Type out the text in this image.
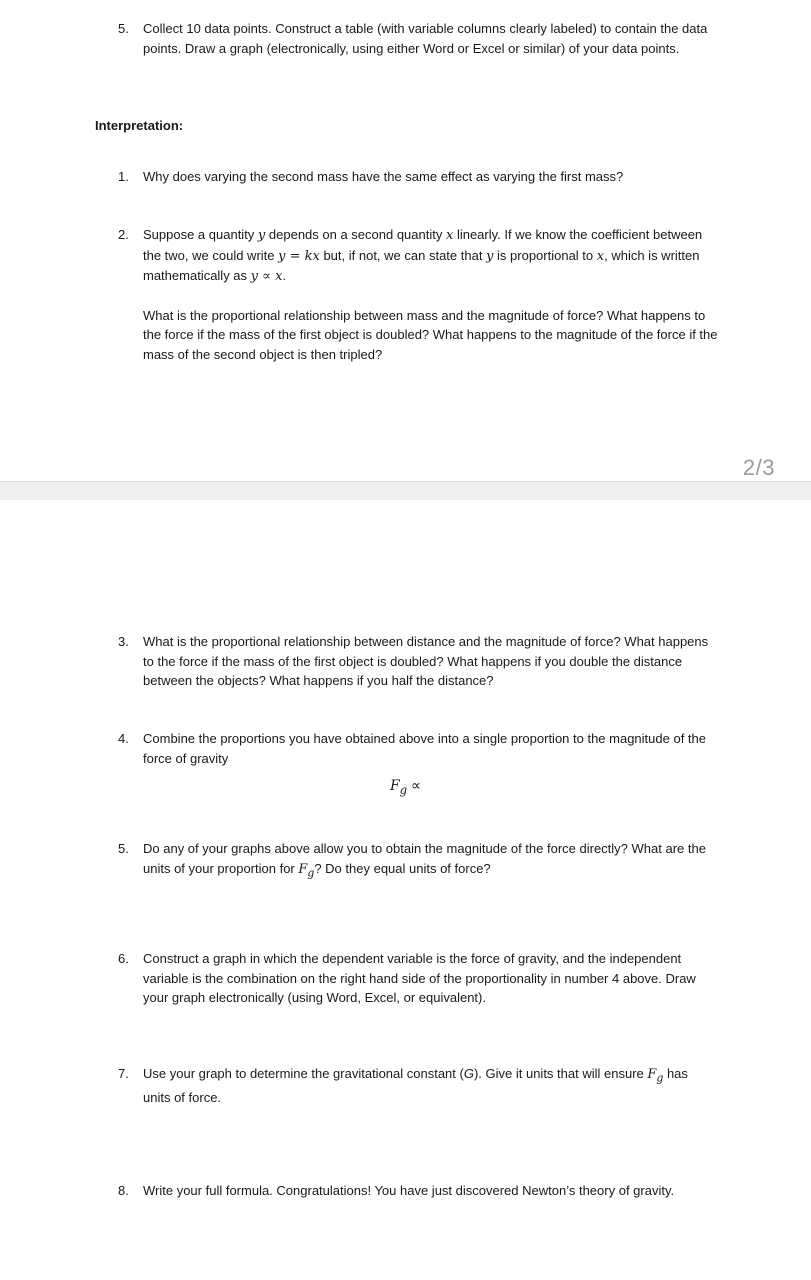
5. Collect 10 data points. Construct a table (with variable columns clearly labeled) to contain the data points. Draw a graph (electronically, using either Word or Excel or similar) of your data points.

Interpretation:
1. Why does varying the second mass have the same effect as varying the first mass?

2. Suppose a quantity y depends on a second quantity x linearly. If we know the coefficient between the two, we could write y = kx but, if not, we can state that y is proportional to x, which is written mathematically as y ∝ x.

What is the proportional relationship between mass and the magnitude of force? What happens to the force if the mass of the first object is doubled? What happens to the magnitude of the force if the mass of the second object is then tripled?

2/3
3. What is the proportional relationship between distance and the magnitude of force? What happens to the force if the mass of the first object is doubled? What happens if you double the distance between the objects? What happens if you half the distance?

4. Combine the proportions you have obtained above into a single proportion to the magnitude of the force of gravity

$F_g$ ∝
5. Do any of your graphs above allow you to obtain the magnitude of the force directly? What are the units of your proportion for $F_g$? Do they equal units of force?

6. Construct a graph in which the dependent variable is the force of gravity, and the independent variable is the combination on the right hand side of the proportionality in number 4 above. Draw your graph electronically (using Word, Excel, or equivalent).

7. Use your graph to determine the gravitational constant (G). Give it units that will ensure $F_g$ has units of force.

8. Write your full formula. Congratulations! You have just discovered Newton’s theory of gravity.
